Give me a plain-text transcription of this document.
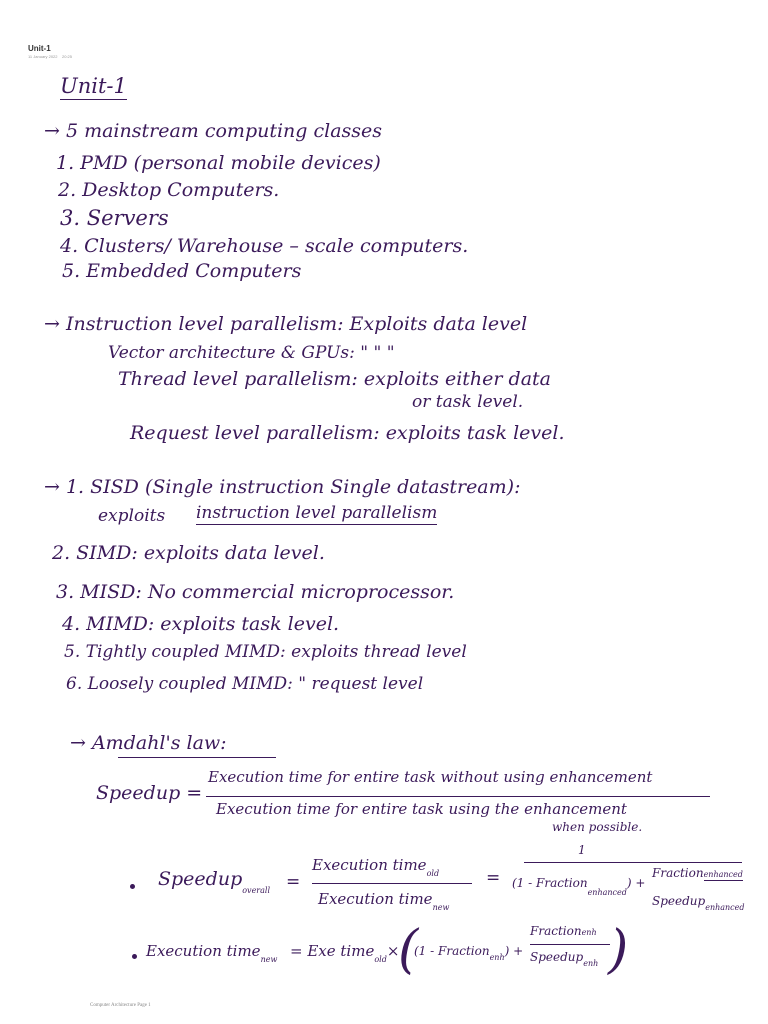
Unit-1
11 January 2022 20:25
Unit-1
→ 5 mainstream computing classes
1. PMD (personal mobile devices)
2. Desktop Computers.
3. Servers
4. Clusters/ Warehouse – scale computers.
5. Embedded Computers
→ Instruction level parallelism: Exploits data level
Vector architecture & GPUs: " " "
Thread level parallelism: exploits either data
or task level.
Request level parallelism: exploits task level.
→ 1. SISD (Single instruction Single datastream):
exploits instruction level parallelism
2. SIMD: exploits data level.
3. MISD: No commercial microprocessor.
4. MIMD: exploits task level.
5. Tightly coupled MIMD: exploits thread level
6. Loosely coupled MIMD: " request level
→ Amdahl's law:
Speedup =
Execution time for entire task without using enhancement
Execution time for entire task using the enhancement
when possible.
Speedup$_{overall}$ =
Execution time$_{old}$
Execution time$_{new}$
=
1
(1 - Fraction$_{enhanced}$) +
Fractionenhanced
Speedup$_{enhanced}$
Execution time$_{new}$ = Exe time$_{old}$×
(
(1 - Fraction$_{enh}$) +
Fractionenh
Speedup$_{enh}$ )
Computer Architecture Page 1
